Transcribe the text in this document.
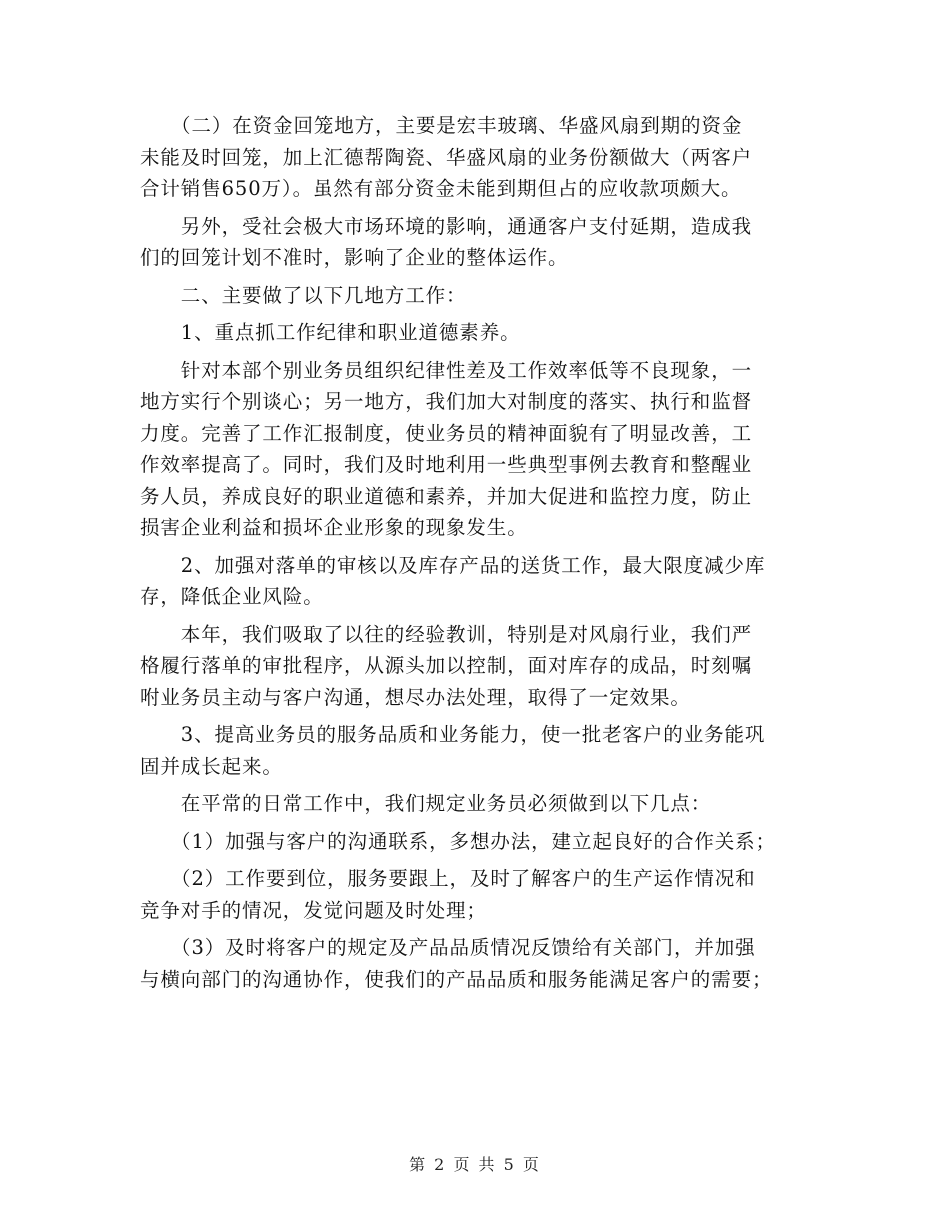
　　（二）在资金回笼地方，主要是宏丰玻璃、华盛风扇到期的资金
未能及时回笼，加上汇德帮陶瓷、华盛风扇的业务份额做大（两客户
合计销售650万）。虽然有部分资金未能到期但占的应收款项颇大。

　　另外，受社会极大市场环境的影响，通通客户支付延期，造成我
们的回笼计划不准时，影响了企业的整体运作。

　　二、主要做了以下几地方工作：

　　1、重点抓工作纪律和职业道德素养。

　　针对本部个别业务员组织纪律性差及工作效率低等不良现象，一
地方实行个别谈心；另一地方，我们加大对制度的落实、执行和监督
力度。完善了工作汇报制度，使业务员的精神面貌有了明显改善，工
作效率提高了。同时，我们及时地利用一些典型事例去教育和整醒业
务人员，养成良好的职业道德和素养，并加大促进和监控力度，防止
损害企业利益和损坏企业形象的现象发生。

　　2、加强对落单的审核以及库存产品的送货工作，最大限度减少库
存，降低企业风险。

　　本年，我们吸取了以往的经验教训，特别是对风扇行业，我们严
格履行落单的审批程序，从源头加以控制，面对库存的成品，时刻嘱
咐业务员主动与客户沟通，想尽办法处理，取得了一定效果。

　　3、提高业务员的服务品质和业务能力，使一批老客户的业务能巩
固并成长起来。

　　在平常的日常工作中，我们规定业务员必须做到以下几点：

　　（1）加强与客户的沟通联系，多想办法，建立起良好的合作关系；

　　（2）工作要到位，服务要跟上，及时了解客户的生产运作情况和
竞争对手的情况，发觉问题及时处理；

　　（3）及时将客户的规定及产品品质情况反馈给有关部门，并加强
与横向部门的沟通协作，使我们的产品品质和服务能满足客户的需要；

第 2 页 共 5 页
